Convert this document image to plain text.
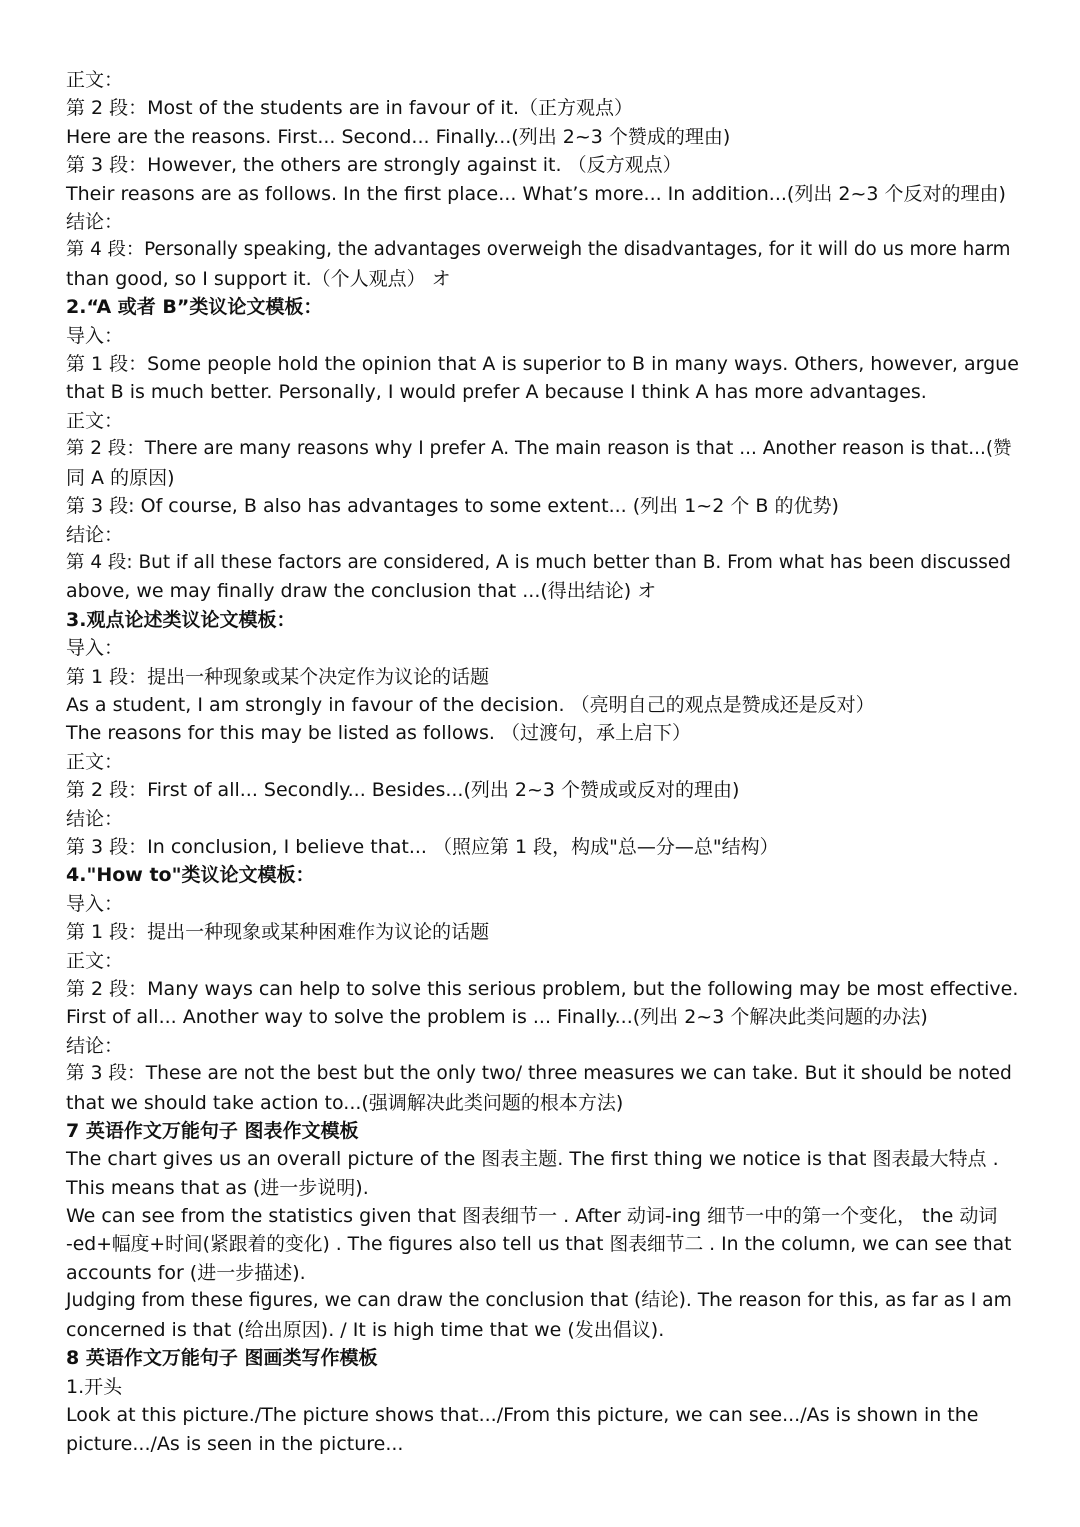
正文：
第 2 段：Most of the students are in favour of it.（正方观点）
Here are the reasons. First... Second... Finally...(列出 2~3 个赞成的理由)
第 3 段：However, the others are strongly against it. （反方观点）
Their reasons are as follows. In the first place... What’s more... In addition...(列出 2~3 个反对的理由)
结论：
第 4 段：Personally speaking, the advantages overweigh the disadvantages, for it will do us more harm
than good, so I support it.（个人观点） オ
2.“A 或者 B”类议论文模板：
导入：
第 1 段：Some people hold the opinion that A is superior to B in many ways. Others, however, argue
that B is much better. Personally, I would prefer A because I think A has more advantages.
正文：
第 2 段：There are many reasons why I prefer A. The main reason is that ... Another reason is that...(赞
同 A 的原因)
第 3 段: Of course, B also has advantages to some extent... (列出 1~2 个 B 的优势)
结论：
第 4 段: But if all these factors are considered, A is much better than B. From what has been discussed
above, we may finally draw the conclusion that ...(得出结论) オ
3.观点论述类议论文模板：
导入：
第 1 段：提出一种现象或某个决定作为议论的话题
As a student, I am strongly in favour of the decision. （亮明自己的观点是赞成还是反对）
The reasons for this may be listed as follows. （过渡句，承上启下）
正文：
第 2 段：First of all... Secondly... Besides...(列出 2~3 个赞成或反对的理由)
结论：
第 3 段：In conclusion, I believe that... （照应第 1 段，构成"总—分—总"结构）
4."How to"类议论文模板：
导入：
第 1 段：提出一种现象或某种困难作为议论的话题
正文：
第 2 段：Many ways can help to solve this serious problem, but the following may be most effective.
First of all... Another way to solve the problem is ... Finally...(列出 2~3 个解决此类问题的办法)
结论：
第 3 段：These are not the best but the only two/ three measures we can take. But it should be noted
that we should take action to...(强调解决此类问题的根本方法)
7 英语作文万能句子 图表作文模板
The chart gives us an overall picture of the 图表主题. The first thing we notice is that 图表最大特点 .
This means that as (进一步说明).
We can see from the statistics given that 图表细节一 . After 动词-ing 细节一中的第一个变化， the 动词
-ed+幅度+时间(紧跟着的变化) . The figures also tell us that 图表细节二 . In the column, we can see that
accounts for (进一步描述).
Judging from these figures, we can draw the conclusion that (结论). The reason for this, as far as I am
concerned is that (给出原因). / It is high time that we (发出倡议).
8 英语作文万能句子 图画类写作模板
1.开头
Look at this picture./The picture shows that.../From this picture, we can see.../As is shown in the
picture.../As is seen in the picture...
